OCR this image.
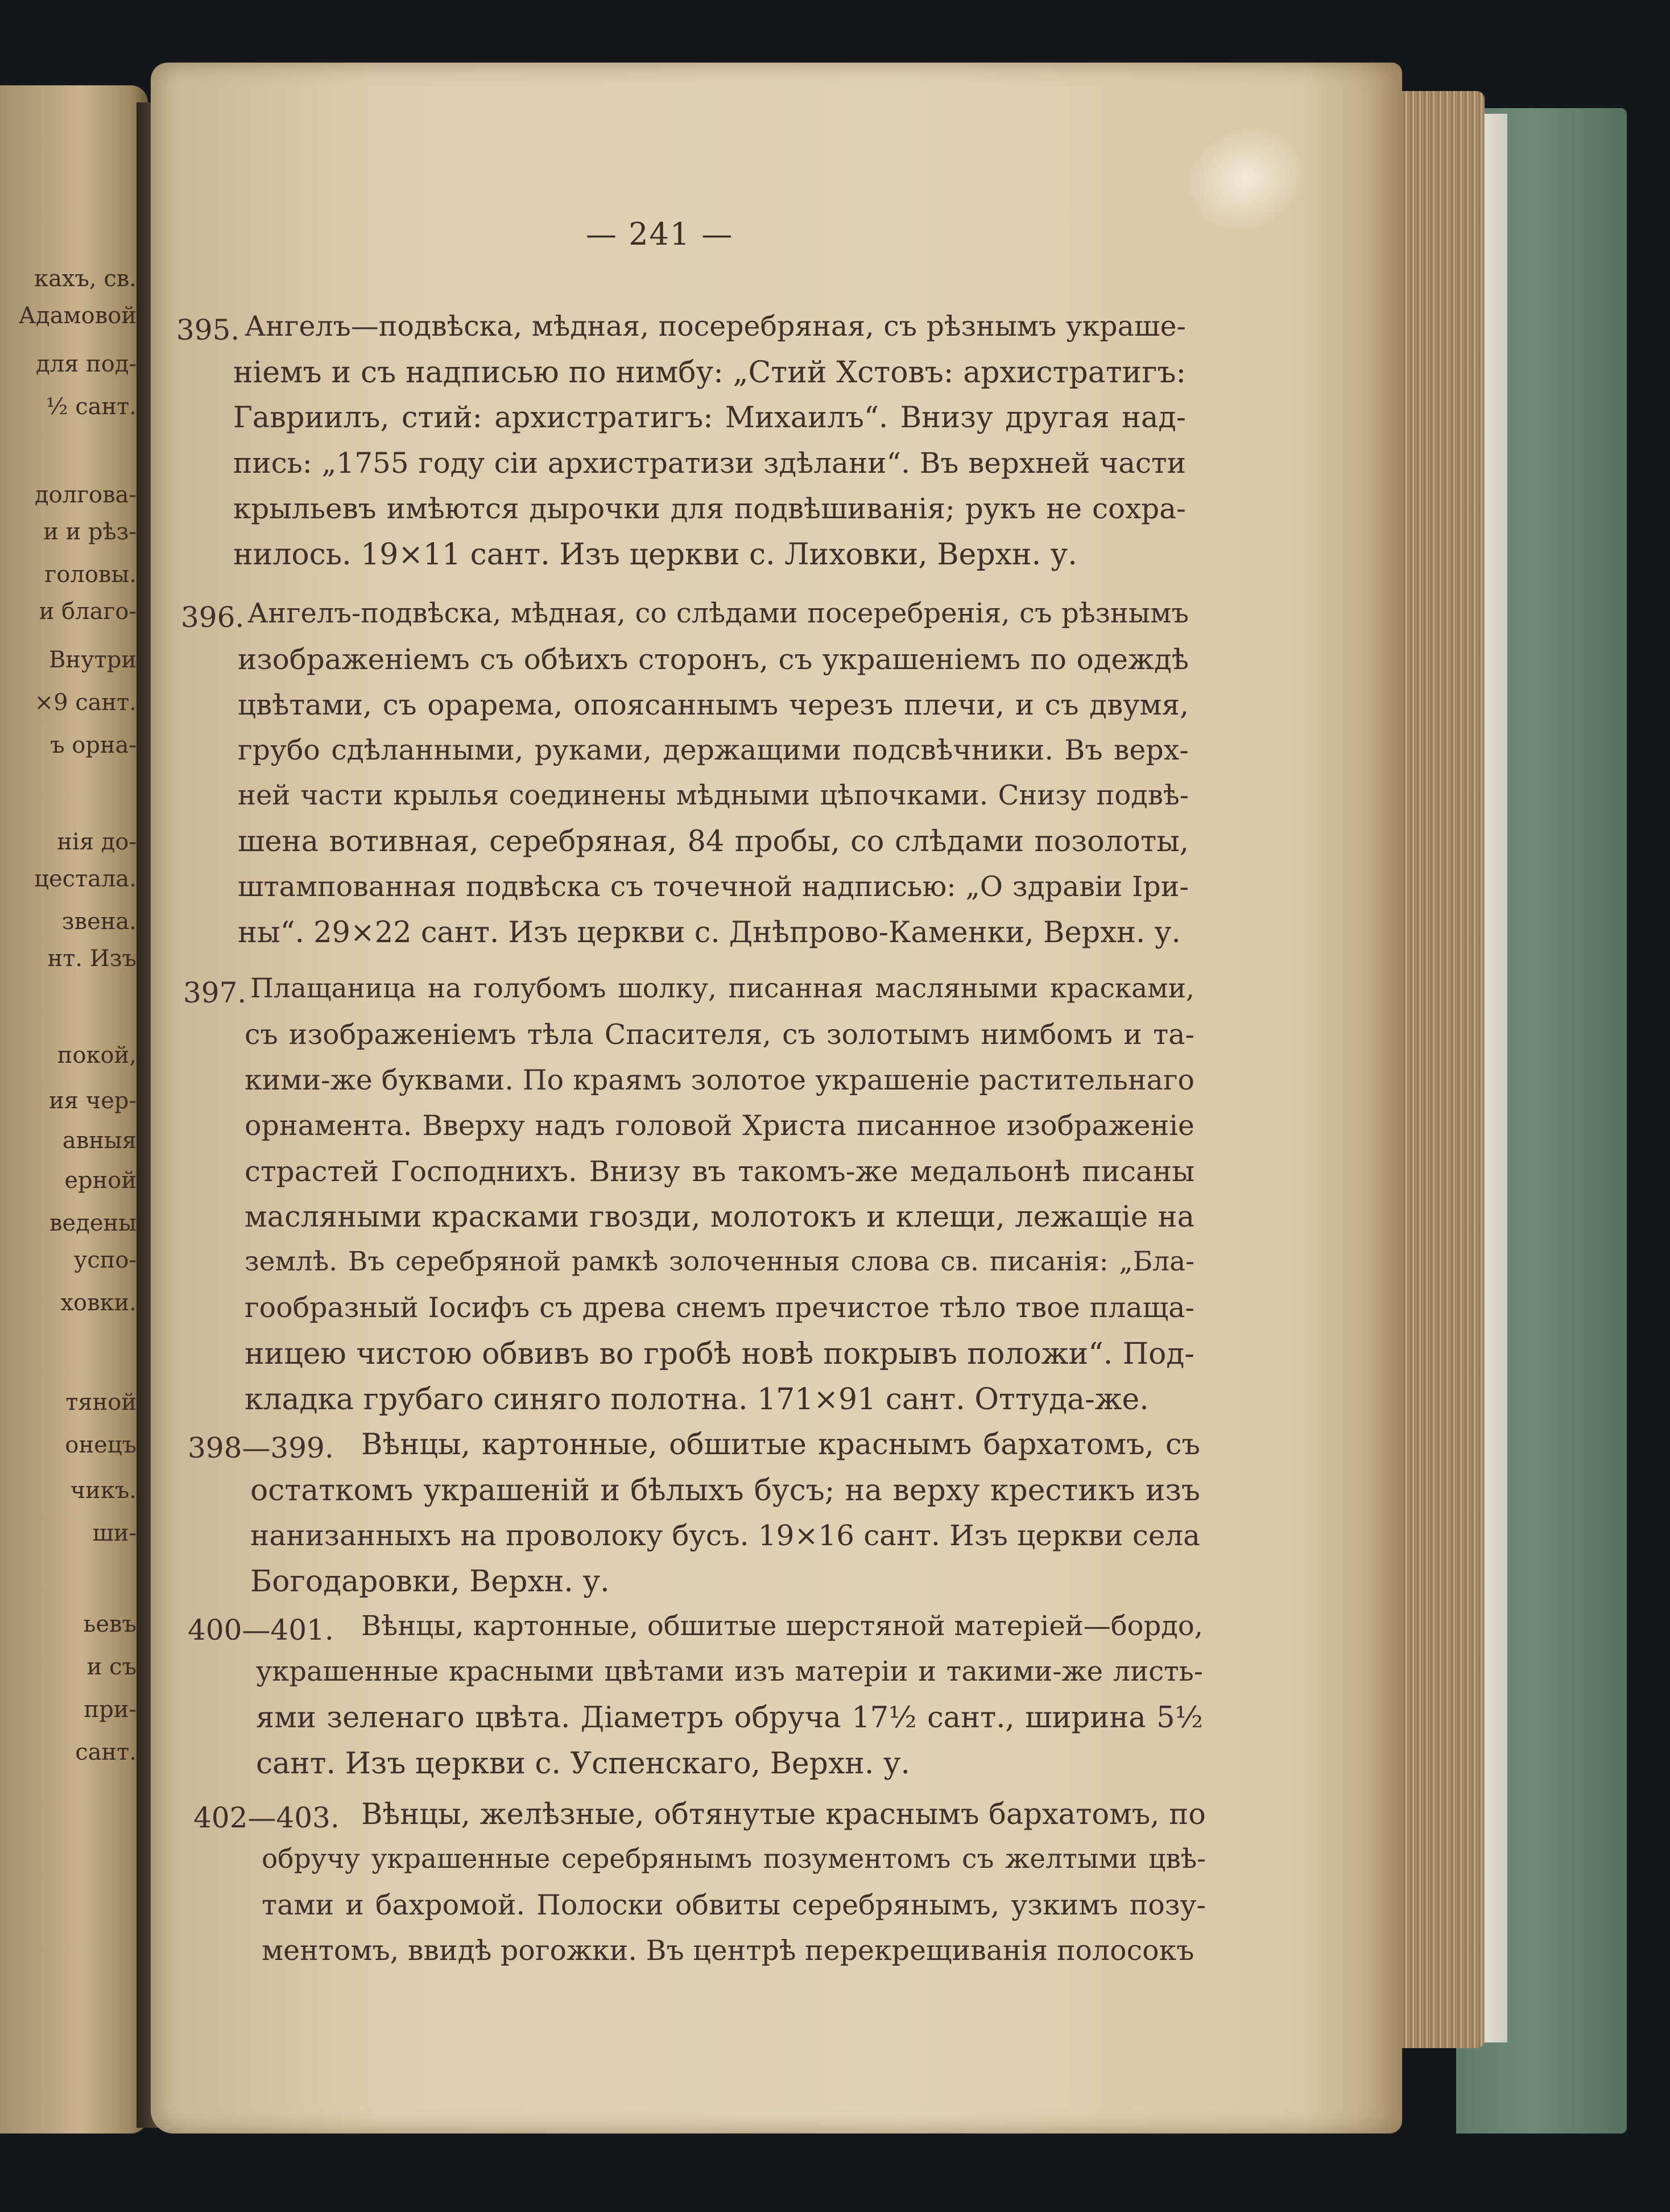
кахъ, св.
Адамовой
для под-
½ сант.
долгова-
и и рѣз-
головы.
и благо-
Внутри
×9 сант.
ъ орна-
нія до-
цестала.
звена.
нт. Изъ
покой,
ия чер-
авныя
ерной
ведены
успо-
ховки.
тяной
онецъ
чикъ.
ши-
ьевъ
и съ
при-
сант.
— 241 —
395. Ангелъ—подвѣска, мѣдная, посеребряная, съ рѣзнымъ украше-
ніемъ и съ надписью по нимбу: „Стий Хстовъ: архистратигъ:
Гавриилъ, стий: архистратигъ: Михаилъ“. Внизу другая над-
пись: „1755 году сіи архистратизи здѣлани“. Въ верхней части
крыльевъ имѣются дырочки для подвѣшиванія; рукъ не сохра-
нилось. 19×11 сант. Изъ церкви с. Лиховки, Верхн. у.
396. Ангелъ-подвѣска, мѣдная, со слѣдами посеребренія, съ рѣзнымъ
изображеніемъ съ обѣихъ сторонъ, съ украшеніемъ по одеждѣ
цвѣтами, съ орарема, опоясаннымъ черезъ плечи, и съ двумя,
грубо сдѣланными, руками, держащими подсвѣчники. Въ верх-
ней части крылья соединены мѣдными цѣпочками. Снизу подвѣ-
шена вотивная, серебряная, 84 пробы, со слѣдами позолоты,
штампованная подвѣска съ точечной надписью: „О здравіи Іри-
ны“. 29×22 сант. Изъ церкви с. Днѣпрово-Каменки, Верхн. у.
397. Плащаница на голубомъ шолку, писанная масляными красками,
съ изображеніемъ тѣла Спасителя, съ золотымъ нимбомъ и та-
кими-же буквами. По краямъ золотое украшеніе растительнаго
орнамента. Вверху надъ головой Христа писанное изображеніе
страстей Господнихъ. Внизу въ такомъ-же медальонѣ писаны
масляными красками гвозди, молотокъ и клещи, лежащіе на
землѣ. Въ серебряной рамкѣ золоченныя слова св. писанія: „Бла-
гообразный Іосифъ съ древа снемъ пречистое тѣло твое плаща-
ницею чистою обвивъ во гробѣ новѣ покрывъ положи“. Под-
кладка грубаго синяго полотна. 171×91 сант. Оттуда-же.
398—399. Вѣнцы, картонные, обшитые краснымъ бархатомъ, съ
остаткомъ украшеній и бѣлыхъ бусъ; на верху крестикъ изъ
нанизанныхъ на проволоку бусъ. 19×16 сант. Изъ церкви села
Богодаровки, Верхн. у.
400—401. Вѣнцы, картонные, обшитые шерстяной матеріей—бордо,
украшенные красными цвѣтами изъ матеріи и такими-же листь-
ями зеленаго цвѣта. Діаметръ обруча 17½ сант., ширина 5½
сант. Изъ церкви с. Успенскаго, Верхн. у.
402—403. Вѣнцы, желѣзные, обтянутые краснымъ бархатомъ, по
обручу украшенные серебрянымъ позументомъ съ желтыми цвѣ-
тами и бахромой. Полоски обвиты серебрянымъ, узкимъ позу-
ментомъ, ввидѣ рогожки. Въ центрѣ перекрещиванія полосокъ
